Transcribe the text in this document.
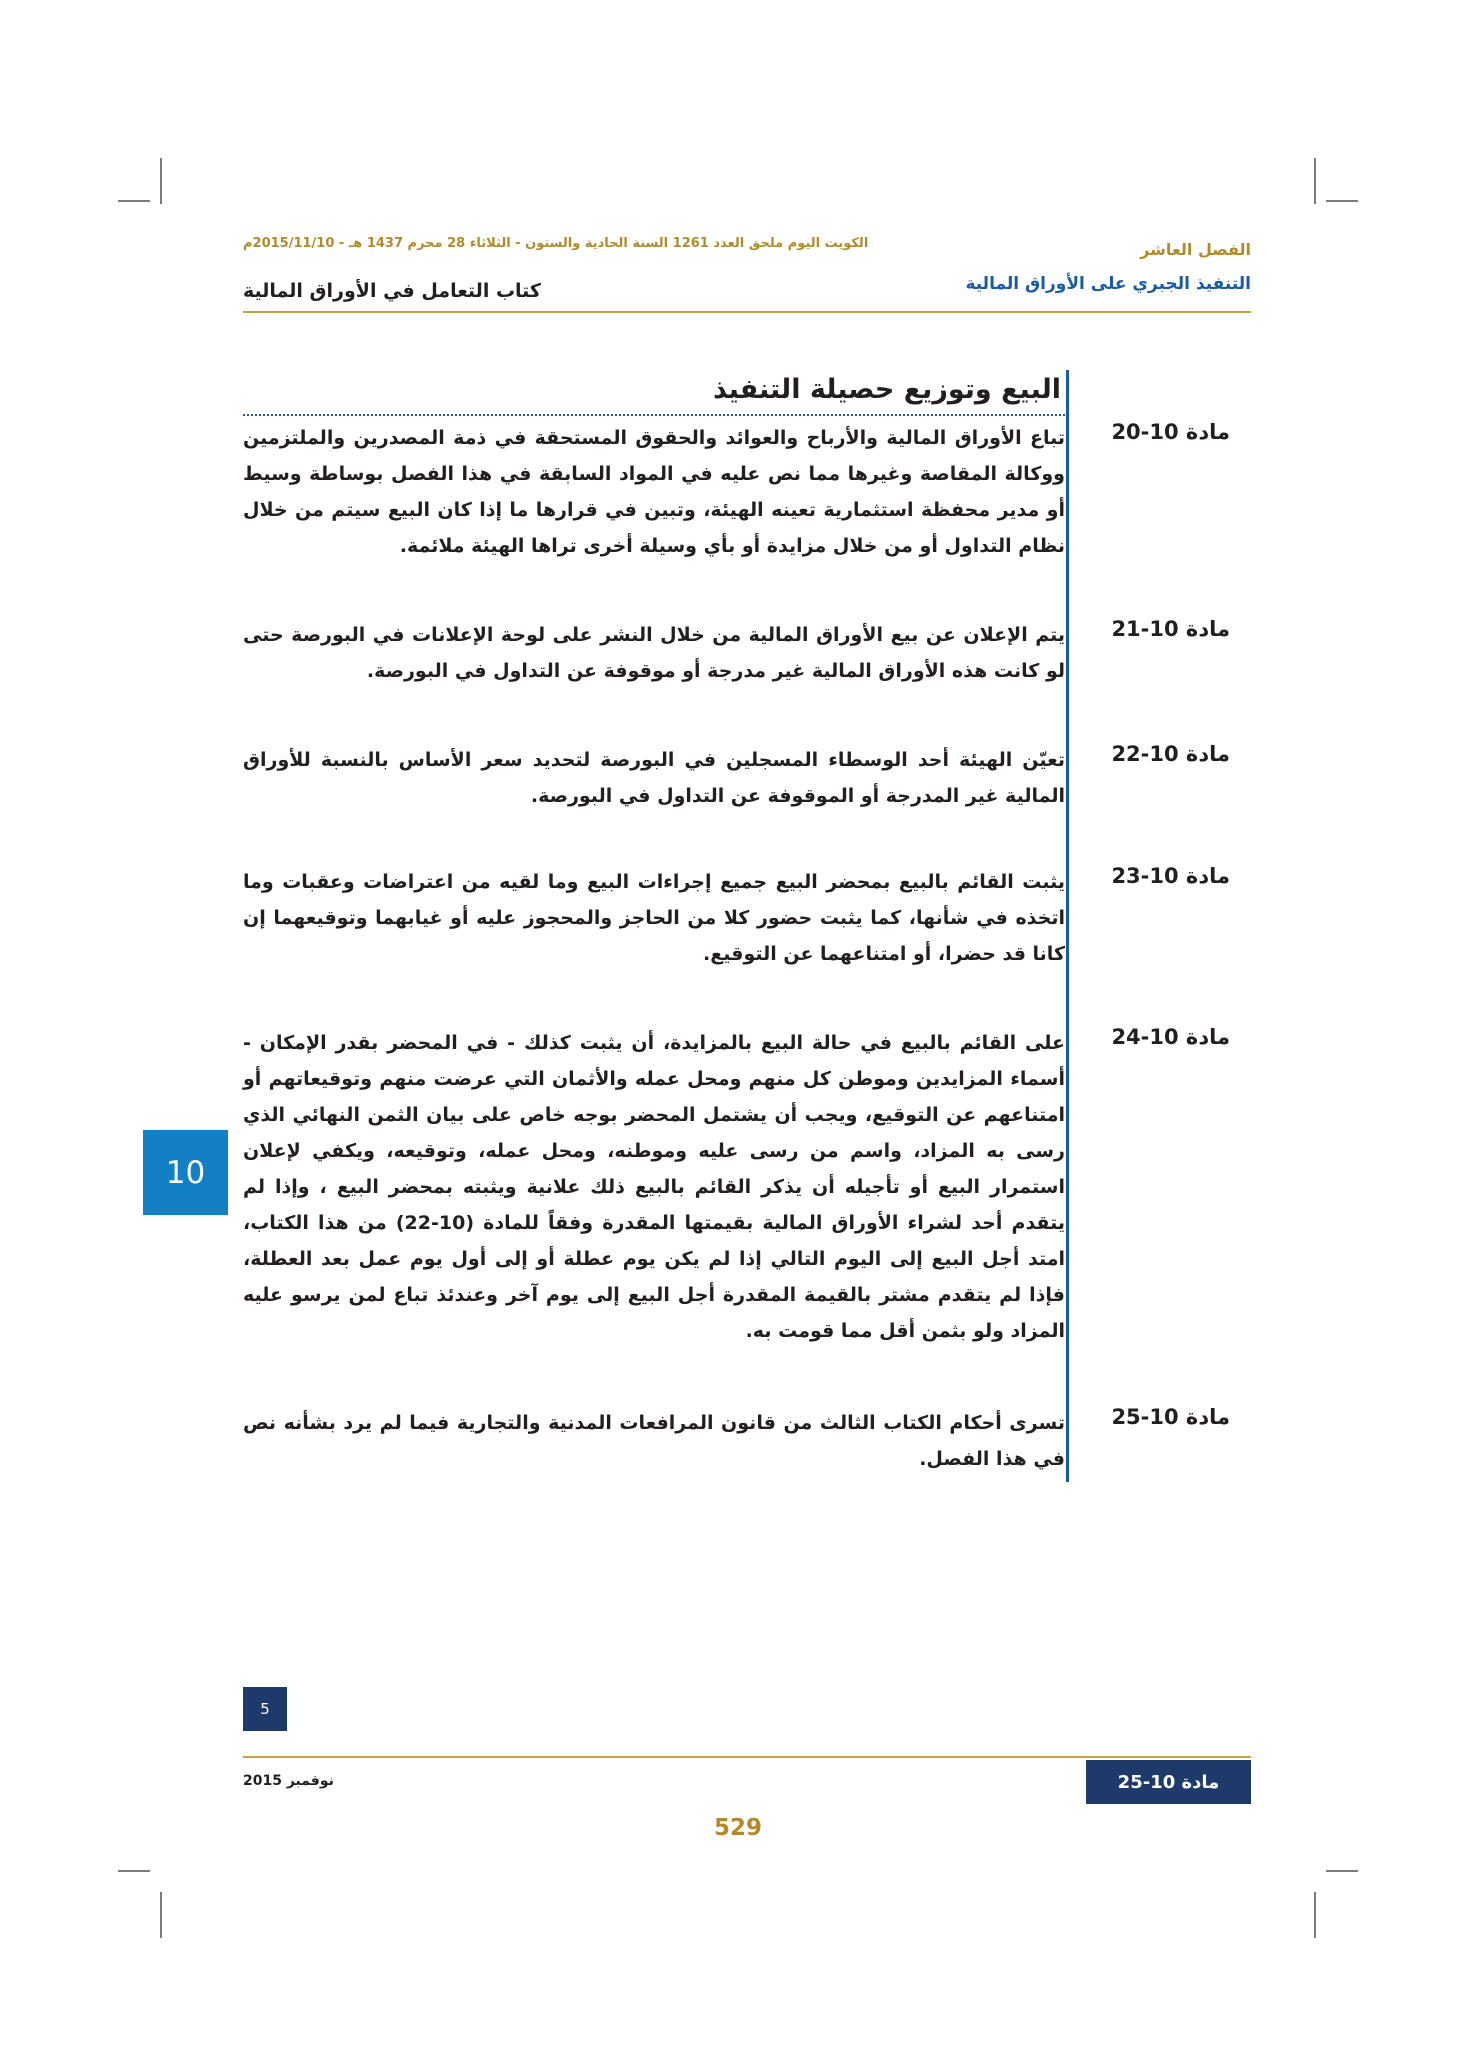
الفصل العاشر
التنفيذ الجبري على الأوراق المالية
الكويت اليوم ملحق العدد 1261 السنة الحادية والستون - الثلاثاء 28 محرم 1437 هـ - 2015/11/10م
كتاب التعامل في الأوراق المالية
البيع وتوزيع حصيلة التنفيذ
مادة 10-20
تباع الأوراق المالية والأرباح والعوائد والحقوق المستحقة في ذمة المصدرين والملتزمين ووكالة المقاصة وغيرها مما نص عليه في المواد السابقة في هذا الفصل بوساطة وسيط أو مدير محفظة استثمارية تعينه الهيئة، وتبين في قرارها ما إذا كان البيع سيتم من خلال نظام التداول أو من خلال مزايدة أو بأي وسيلة أخرى تراها الهيئة ملائمة.
مادة 10-21
يتم الإعلان عن بيع الأوراق المالية من خلال النشر على لوحة الإعلانات في البورصة حتى لو كانت هذه الأوراق المالية غير مدرجة أو موقوفة عن التداول في البورصة.
مادة 10-22
تعيّن الهيئة أحد الوسطاء المسجلين في البورصة لتحديد سعر الأساس بالنسبة للأوراق المالية غير المدرجة أو الموقوفة عن التداول في البورصة.
مادة 10-23
يثبت القائم بالبيع بمحضر البيع جميع إجراءات البيع وما لقيه من اعتراضات وعقبات وما اتخذه في شأنها، كما يثبت حضور كلا من الحاجز والمحجوز عليه أو غيابهما وتوقيعهما إن كانا قد حضرا، أو امتناعهما عن التوقيع.
مادة 10-24
على القائم بالبيع في حالة البيع بالمزايدة، أن يثبت كذلك - في المحضر بقدر الإمكان - أسماء المزايدين وموطن كل منهم ومحل عمله والأثمان التي عرضت منهم وتوقيعاتهم أو امتناعهم عن التوقيع، ويجب أن يشتمل المحضر بوجه خاص على بيان الثمن النهائي الذي رسى به المزاد، واسم من رسى عليه وموطنه، ومحل عمله، وتوقيعه، ويكفي لإعلان استمرار البيع أو تأجيله أن يذكر القائم بالبيع ذلك علانية ويثبته بمحضر البيع ، وإذا لم يتقدم أحد لشراء الأوراق المالية بقيمتها المقدرة وفقاً للمادة (10-22) من هذا الكتاب، امتد أجل البيع إلى اليوم التالي إذا لم يكن يوم عطلة أو إلى أول يوم عمل بعد العطلة، فإذا لم يتقدم مشتر بالقيمة المقدرة أجل البيع إلى يوم آخر وعندئذ تباع لمن يرسو عليه المزاد ولو بثمن أقل مما قومت به.
مادة 10-25
تسرى أحكام الكتاب الثالث من قانون المرافعات المدنية والتجارية فيما لم يرد بشأنه نص في هذا الفصل.
10
5
مادة 10-25
نوفمبر 2015
529
